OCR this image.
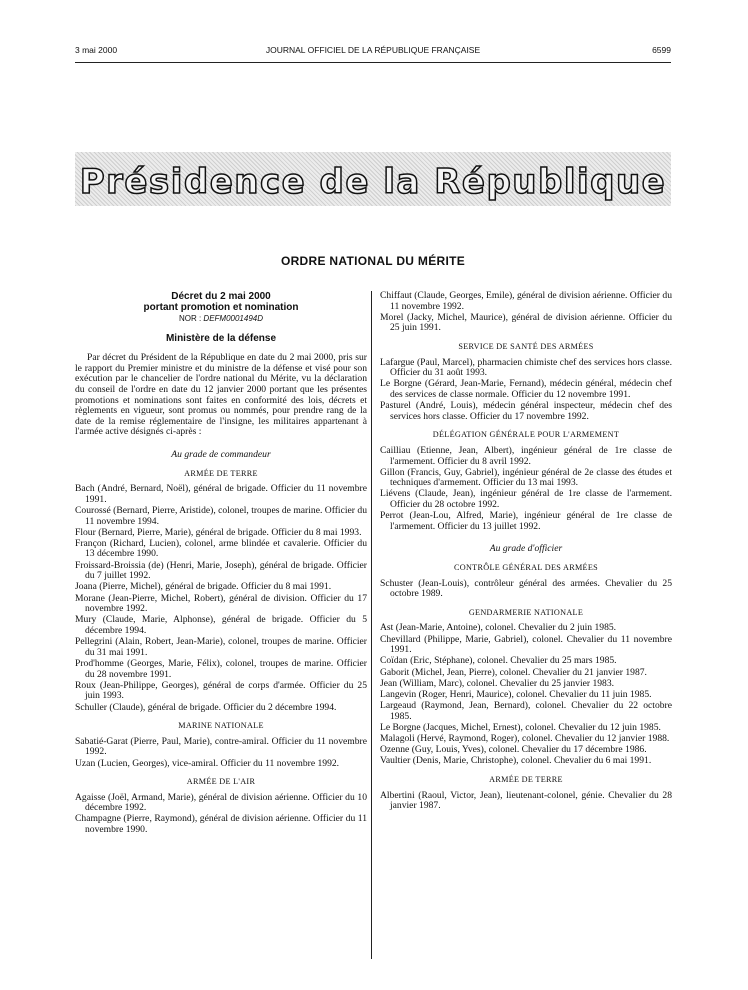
3 mai 2000	JOURNAL OFFICIEL DE LA RÉPUBLIQUE FRANÇAISE	6599
Présidence de la République
ORDRE NATIONAL DU MÉRITE
Décret du 2 mai 2000
portant promotion et nomination
NOR : DEFM0001494D
Ministère de la défense

Par décret du Président de la République en date du 2 mai 2000, pris sur le rapport du Premier ministre et du ministre de la défense et visé pour son exécution par le chancelier de l'ordre national du Mérite, vu la déclaration du conseil de l'ordre en date du 12 janvier 2000 portant que les présentes promotions et nominations sont faites en conformité des lois, décrets et règlements en vigueur, sont promus ou nommés, pour prendre rang de la date de la remise réglementaire de l'insigne, les militaires appartenant à l'armée active désignés ci-après :

Au grade de commandeur
ARMÉE DE TERRE
Bach (André, Bernard, Noël), général de brigade. Officier du 11 novembre 1991.
Courossé (Bernard, Pierre, Aristide), colonel, troupes de marine. Officier du 11 novembre 1994.
Flour (Bernard, Pierre, Marie), général de brigade. Officier du 8 mai 1993.
Françon (Richard, Lucien), colonel, arme blindée et cavalerie. Officier du 13 décembre 1990.
Froissard-Broissia (de) (Henri, Marie, Joseph), général de brigade. Officier du 7 juillet 1992.
Joana (Pierre, Michel), général de brigade. Officier du 8 mai 1991.
Morane (Jean-Pierre, Michel, Robert), général de division. Officier du 17 novembre 1992.
Mury (Claude, Marie, Alphonse), général de brigade. Officier du 5 décembre 1994.
Pellegrini (Alain, Robert, Jean-Marie), colonel, troupes de marine. Officier du 31 mai 1991.
Prod'homme (Georges, Marie, Félix), colonel, troupes de marine. Officier du 28 novembre 1991.
Roux (Jean-Philippe, Georges), général de corps d'armée. Officier du 25 juin 1993.
Schuller (Claude), général de brigade. Officier du 2 décembre 1994.
MARINE NATIONALE
Sabatié-Garat (Pierre, Paul, Marie), contre-amiral. Officier du 11 novembre 1992.
Uzan (Lucien, Georges), vice-amiral. Officier du 11 novembre 1992.
ARMÉE DE L'AIR
Agaisse (Joël, Armand, Marie), général de division aérienne. Officier du 10 décembre 1992.
Champagne (Pierre, Raymond), général de division aérienne. Officier du 11 novembre 1990.
Chiffaut (Claude, Georges, Emile), général de division aérienne. Officier du 11 novembre 1992.
Morel (Jacky, Michel, Maurice), général de division aérienne. Officier du 25 juin 1991.
SERVICE DE SANTÉ DES ARMÉES
Lafargue (Paul, Marcel), pharmacien chimiste chef des services hors classe. Officier du 31 août 1993.
Le Borgne (Gérard, Jean-Marie, Fernand), médecin général, médecin chef des services de classe normale. Officier du 12 novembre 1991.
Pasturel (André, Louis), médecin général inspecteur, médecin chef des services hors classe. Officier du 17 novembre 1992.
DÉLÉGATION GÉNÉRALE POUR L'ARMEMENT
Cailliau (Etienne, Jean, Albert), ingénieur général de 1re classe de l'armement. Officier du 8 avril 1992.
Gillon (Francis, Guy, Gabriel), ingénieur général de 2e classe des études et techniques d'armement. Officier du 13 mai 1993.
Liévens (Claude, Jean), ingénieur général de 1re classe de l'armement. Officier du 28 octobre 1992.
Perrot (Jean-Lou, Alfred, Marie), ingénieur général de 1re classe de l'armement. Officier du 13 juillet 1992.
Au grade d'officier
CONTRÔLE GÉNÉRAL DES ARMÉES
Schuster (Jean-Louis), contrôleur général des armées. Chevalier du 25 octobre 1989.
GENDARMERIE NATIONALE
Ast (Jean-Marie, Antoine), colonel. Chevalier du 2 juin 1985.
Chevillard (Philippe, Marie, Gabriel), colonel. Chevalier du 11 novembre 1991.
Coïdan (Eric, Stéphane), colonel. Chevalier du 25 mars 1985.
Gaborit (Michel, Jean, Pierre), colonel. Chevalier du 21 janvier 1987.
Jean (William, Marc), colonel. Chevalier du 25 janvier 1983.
Langevin (Roger, Henri, Maurice), colonel. Chevalier du 11 juin 1985.
Largeaud (Raymond, Jean, Bernard), colonel. Chevalier du 22 octobre 1985.
Le Borgne (Jacques, Michel, Ernest), colonel. Chevalier du 12 juin 1985.
Malagoli (Hervé, Raymond, Roger), colonel. Chevalier du 12 janvier 1988.
Ozenne (Guy, Louis, Yves), colonel. Chevalier du 17 décembre 1986.
Vaultier (Denis, Marie, Christophe), colonel. Chevalier du 6 mai 1991.
ARMÉE DE TERRE
Albertini (Raoul, Victor, Jean), lieutenant-colonel, génie. Chevalier du 28 janvier 1987.
